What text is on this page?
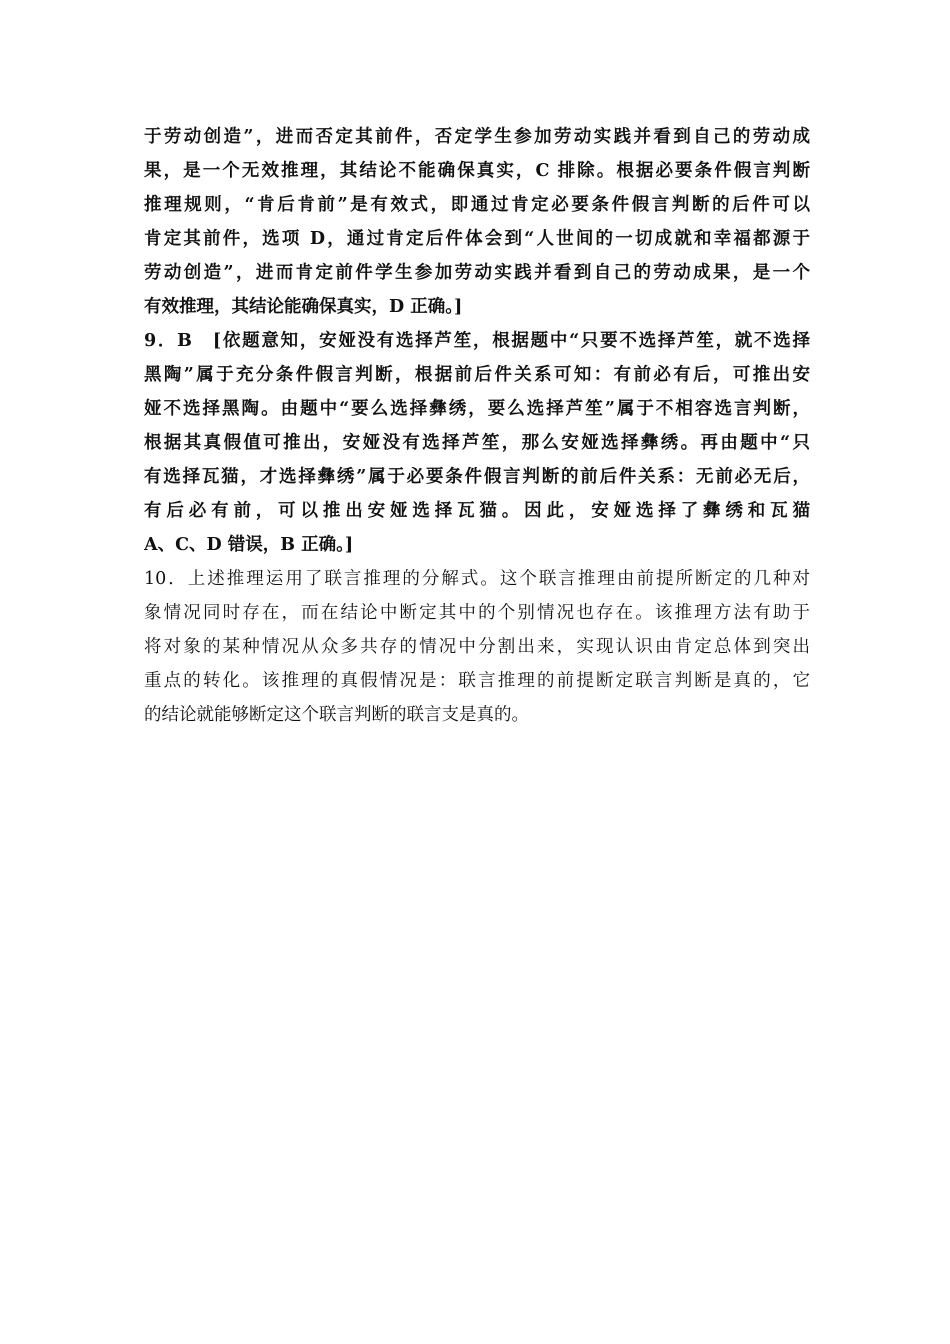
于劳动创造”，进而否定其前件，否定学生参加劳动实践并看到自己的劳动成
果，是一个无效推理，其结论不能确保真实，C 排除。根据必要条件假言判断
推理规则，“肯后肯前”是有效式，即通过肯定必要条件假言判断的后件可以
肯定其前件，选项 D，通过肯定后件体会到“人世间的一切成就和幸福都源于
劳动创造”，进而肯定前件学生参加劳动实践并看到自己的劳动成果，是一个
有效推理，其结论能确保真实，D 正确。]
9．B　[依题意知，安娅没有选择芦笙，根据题中“只要不选择芦笙，就不选择
黑陶”属于充分条件假言判断，根据前后件关系可知：有前必有后，可推出安
娅不选择黑陶。由题中“要么选择彝绣，要么选择芦笙”属于不相容选言判断，
根据其真假值可推出，安娅没有选择芦笙，那么安娅选择彝绣。再由题中“只
有选择瓦猫，才选择彝绣”属于必要条件假言判断的前后件关系：无前必无后，
有后必有前，可以推出安娅选择瓦猫。因此，安娅选择了彝绣和瓦猫
A、C、D 错误，B 正确。]
10．上述推理运用了联言推理的分解式。这个联言推理由前提所断定的几种对
象情况同时存在，而在结论中断定其中的个别情况也存在。该推理方法有助于
将对象的某种情况从众多共存的情况中分割出来，实现认识由肯定总体到突出
重点的转化。该推理的真假情况是：联言推理的前提断定联言判断是真的，它
的结论就能够断定这个联言判断的联言支是真的。
